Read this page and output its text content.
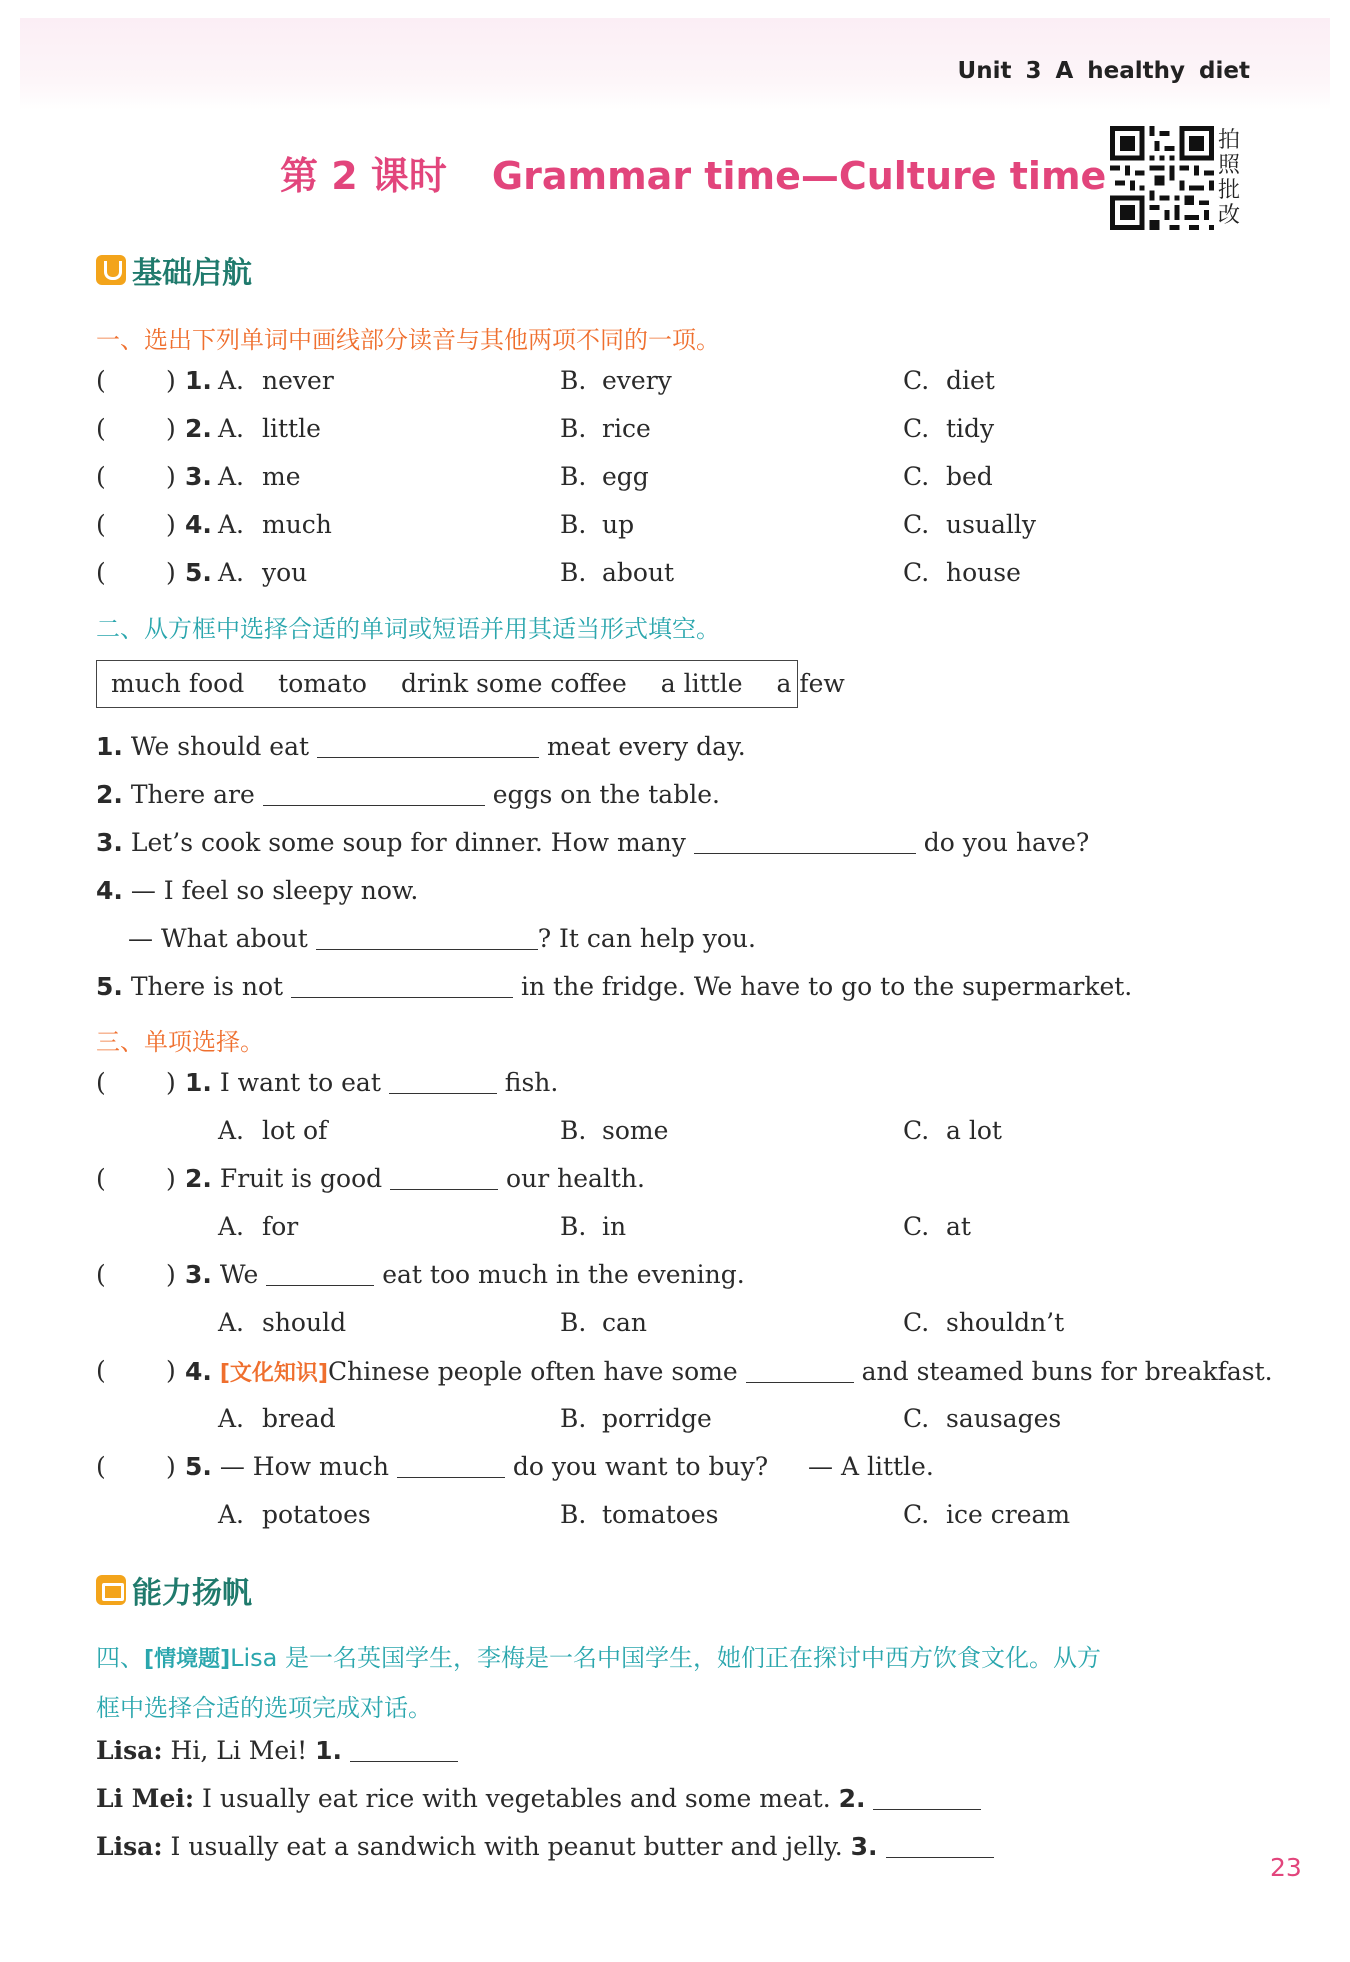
Unit 3 A healthy diet
第 2 课时 Grammar time—Culture time
拍照批改
基础启航
一、选出下列单词中画线部分读音与其他两项不同的一项。
( ) 1. A. never	B. every	C. diet
( ) 2. A. little	B. rice	C. tidy
( ) 3. A. me	B. egg	C. bed
( ) 4. A. much	B. up	C. usually
( ) 5. A. you	B. about	C. house
二、从方框中选择合适的单词或短语并用其适当形式填空。
much food tomato drink some coffee a little a few
1. We should eat	meat every day.
2. There are	eggs on the table.
3. Let’s cook some soup for dinner. How many	do you have?
4. — I feel so sleepy now.
— What about	? It can help you.
5. There is not	in the fridge. We have to go to the supermarket.
三、单项选择。
( ) 1. I want to eat	fish.
A. lot of	B. some	C. a lot
( ) 2. Fruit is good	our health.
A. for	B. in	C. at
( ) 3. We	eat too much in the evening.
A. should	B. can	C. shouldn’t
( ) 4. [文化知识]Chinese people often have some	and steamed buns for breakfast.
A. bread	B. porridge	C. sausages
( ) 5. — How much	do you want to buy? — A little.
A. potatoes	B. tomatoes	C. ice cream
能力扬帆
四、[情境题]Lisa 是一名英国学生，李梅是一名中国学生，她们正在探讨中西方饮食文化。从方
框中选择合适的选项完成对话。
Lisa: Hi, Li Mei! 1.
Li Mei: I usually eat rice with vegetables and some meat. 2.
Lisa: I usually eat a sandwich with peanut butter and jelly. 3.
23
